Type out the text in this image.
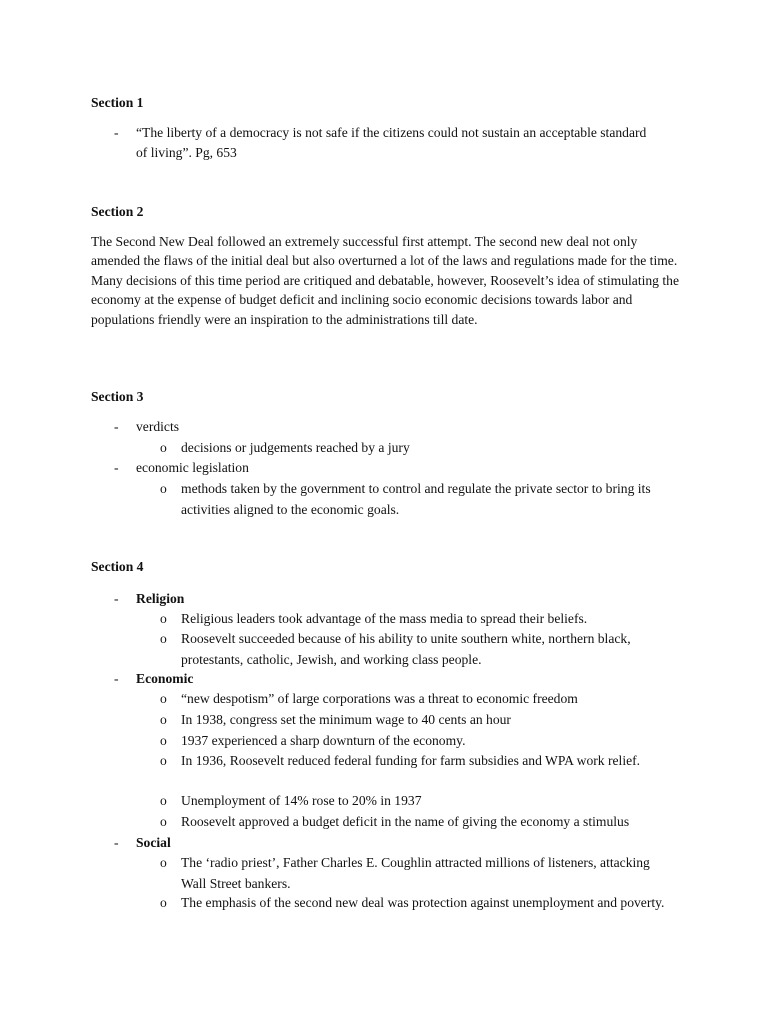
Section 1
-	“The liberty of a democracy is not safe if the citizens could not sustain an acceptable standard of living”. Pg, 653
Section 2

The Second New Deal followed an extremely successful first attempt. The second new deal not only amended the flaws of the initial deal but also overturned a lot of the laws and regulations made for the time. Many decisions of this time period are critiqued and debatable, however, Roosevelt’s idea of stimulating the economy at the expense of budget deficit and inclining socio economic decisions towards labor and populations friendly were an inspiration to the administrations till date.

Section 3
-	verdicts
o	decisions or judgements reached by a jury
-	economic legislation
o	methods taken by the government to control and regulate the private sector to bring its activities aligned to the economic goals.
Section 4
-	Religion
o	Religious leaders took advantage of the mass media to spread their beliefs.
o	Roosevelt succeeded because of his ability to unite southern white, northern black, protestants, catholic, Jewish, and working class people.
-	Economic
o	“new despotism” of large corporations was a threat to economic freedom
o	In 1938, congress set the minimum wage to 40 cents an hour
o	1937 experienced a sharp downturn of the economy.
o	In 1936, Roosevelt reduced federal funding for farm subsidies and WPA work relief.
o	Unemployment of 14% rose to 20% in 1937
o	Roosevelt approved a budget deficit in the name of giving the economy a stimulus
-	Social
o	The ‘radio priest’, Father Charles E. Coughlin attracted millions of listeners, attacking Wall Street bankers.
o	The emphasis of the second new deal was protection against unemployment and poverty.
